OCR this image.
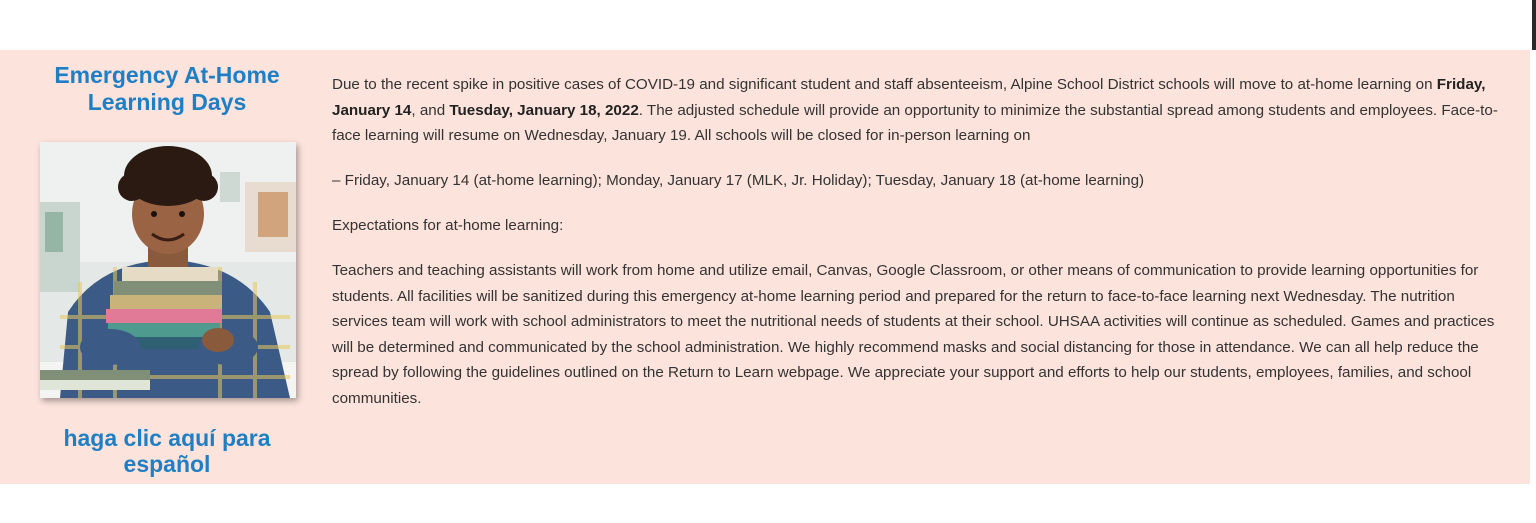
Emergency At-Home
Learning Days
haga clic aquí para
español

Due to the recent spike in positive cases of COVID-19 and significant student and staff absenteeism, Alpine School District schools will move to at-home learning on Friday, January 14, and Tuesday, January 18, 2022. The adjusted schedule will provide an opportunity to minimize the substantial spread among students and employees. Face-to-face learning will resume on Wednesday, January 19. All schools will be closed for in-person learning on

– Friday, January 14 (at-home learning); Monday, January 17 (MLK, Jr. Holiday); Tuesday, January 18 (at-home learning)

Expectations for at-home learning:

Teachers and teaching assistants will work from home and utilize email, Canvas, Google Classroom, or other means of communication to provide learning opportunities for students. All facilities will be sanitized during this emergency at-home learning period and prepared for the return to face-to-face learning next Wednesday. The nutrition services team will work with school administrators to meet the nutritional needs of students at their school. UHSAA activities will continue as scheduled. Games and practices will be determined and communicated by the school administration. We highly recommend masks and social distancing for those in attendance. We can all help reduce the spread by following the guidelines outlined on the Return to Learn webpage. We appreciate your support and efforts to help our students, employees, families, and school communities.
